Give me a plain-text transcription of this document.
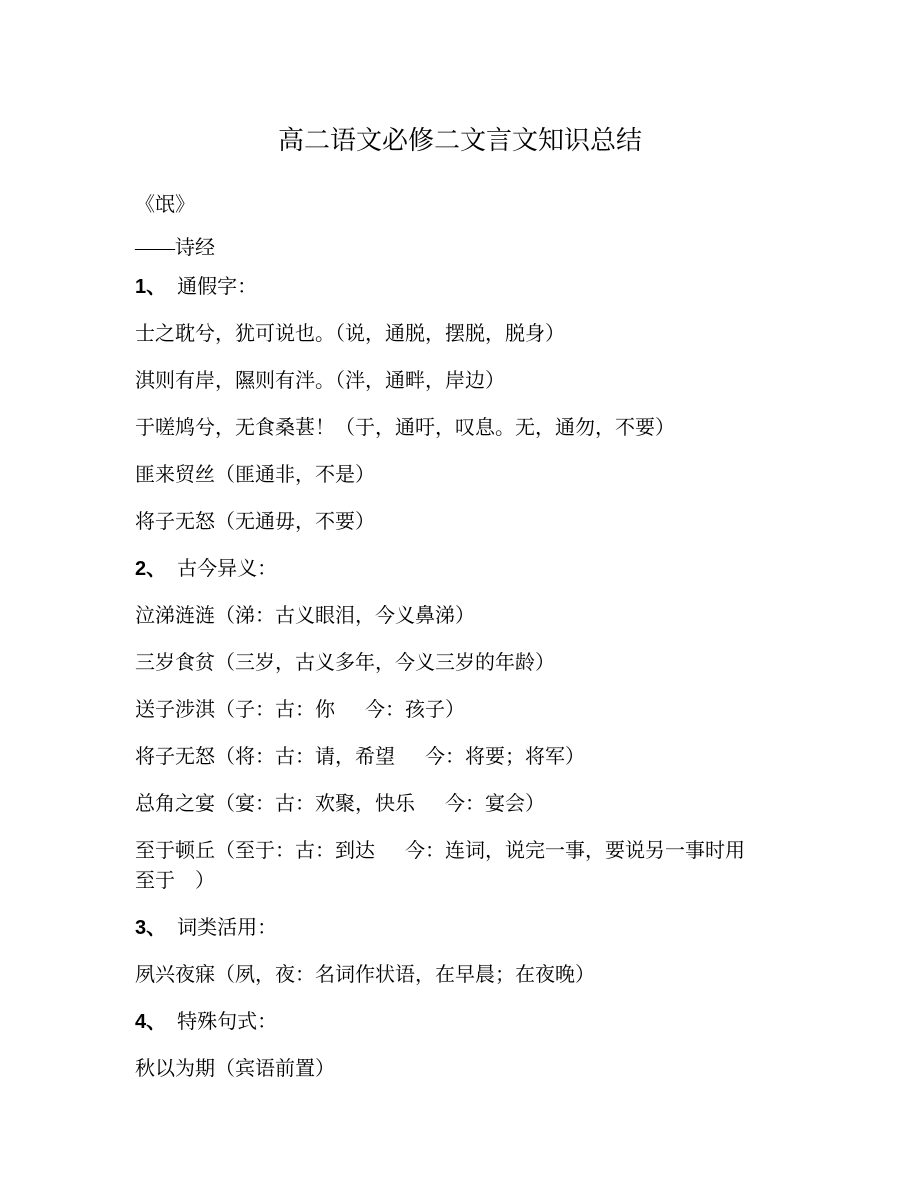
高二语文必修二文言文知识总结

《氓》

——诗经

1、 通假字：

士之耽兮，犹可说也。（说，通脱，摆脱，脱身）

淇则有岸，隰则有泮。（泮，通畔，岸边）

于嗟鸠兮，无食桑葚！（于，通吁，叹息。无，通勿，不要）

匪来贸丝（匪通非，不是）

将子无怒（无通毋，不要）

2、 古今异义：

泣涕涟涟（涕：古义眼泪，今义鼻涕）

三岁食贫（三岁，古义多年，今义三岁的年龄）

送子涉淇（子：古：你　 今：孩子）

将子无怒（将：古：请，希望　 今：将要；将军）

总角之宴（宴：古：欢聚，快乐　 今：宴会）

至于顿丘（至于：古：到达　 今：连词，说完一事，要说另一事时用
至于　）

3、 词类活用：

夙兴夜寐（夙，夜：名词作状语，在早晨；在夜晚）

4、 特殊句式：

秋以为期（宾语前置）
